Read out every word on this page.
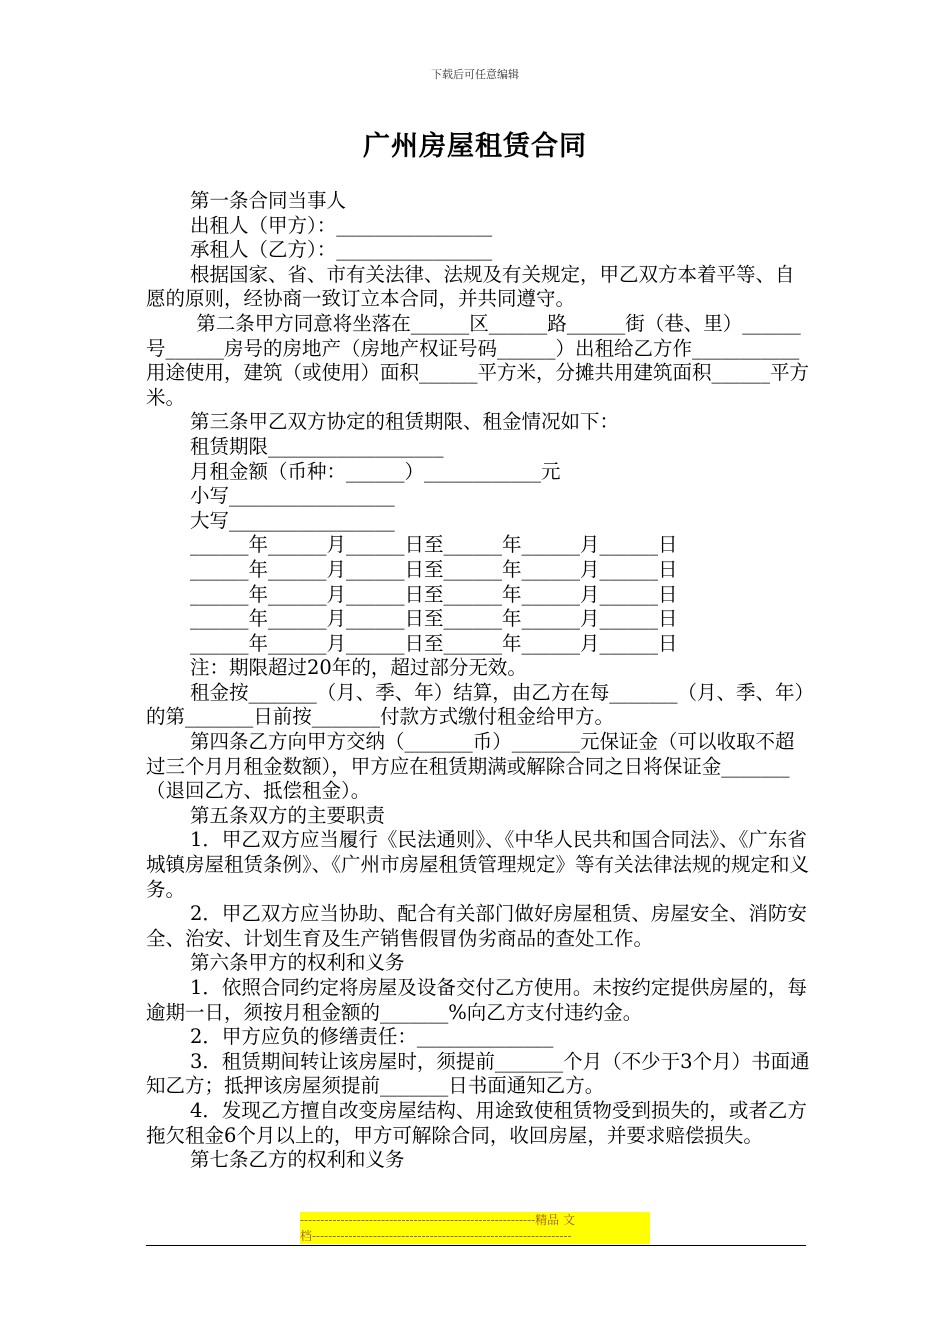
下载后可任意编辑
广州房屋租赁合同

第一条合同当事人

出租人（甲方）：________________

承租人（乙方）：________________

根据国家、省、市有关法律、法规及有关规定，甲乙双方本着平等、自愿的原则，经协商一致订立本合同，并共同遵守。

第二条甲方同意将坐落在______区______路______街（巷、里）______号______房号的房地产（房地产权证号码______）出租给乙方作___________用途使用，建筑（或使用）面积______平方米，分摊共用建筑面积______平方米。

第三条甲乙双方协定的租赁期限、租金情况如下：

租赁期限__________________

月租金额（币种：______）____________元

小写_________________

大写_________________

______年______月______日至______年______月______日

______年______月______日至______年______月______日

______年______月______日至______年______月______日

______年______月______日至______年______月______日

______年______月______日至______年______月______日

注：期限超过20年的，超过部分无效。

租金按_______（月、季、年）结算，由乙方在每_______（月、季、年）的第_______日前按_______付款方式缴付租金给甲方。

第四条乙方向甲方交纳（_______币）_______元保证金（可以收取不超过三个月月租金数额），甲方应在租赁期满或解除合同之日将保证金_______（退回乙方、抵偿租金）。

第五条双方的主要职责

1．甲乙双方应当履行《民法通则》、《中华人民共和国合同法》、《广东省城镇房屋租赁条例》、《广州市房屋租赁管理规定》等有关法律法规的规定和义务。

2．甲乙双方应当协助、配合有关部门做好房屋租赁、房屋安全、消防安全、治安、计划生育及生产销售假冒伪劣商品的查处工作。

第六条甲方的权利和义务

1．依照合同约定将房屋及设备交付乙方使用。未按约定提供房屋的，每逾期一日，须按月租金额的_______%向乙方支付违约金。

2．甲方应负的修缮责任：______________

3．租赁期间转让该房屋时，须提前_______个月（不少于3个月）书面通知乙方；抵押该房屋须提前_______日书面通知乙方。

4．发现乙方擅自改变房屋结构、用途致使租赁物受到损失的，或者乙方拖欠租金6个月以上的，甲方可解除合同，收回房屋，并要求赔偿损失。

第七条乙方的权利和义务

----------------------------------------------------------精品 文
档----------------------------------------------------------------
